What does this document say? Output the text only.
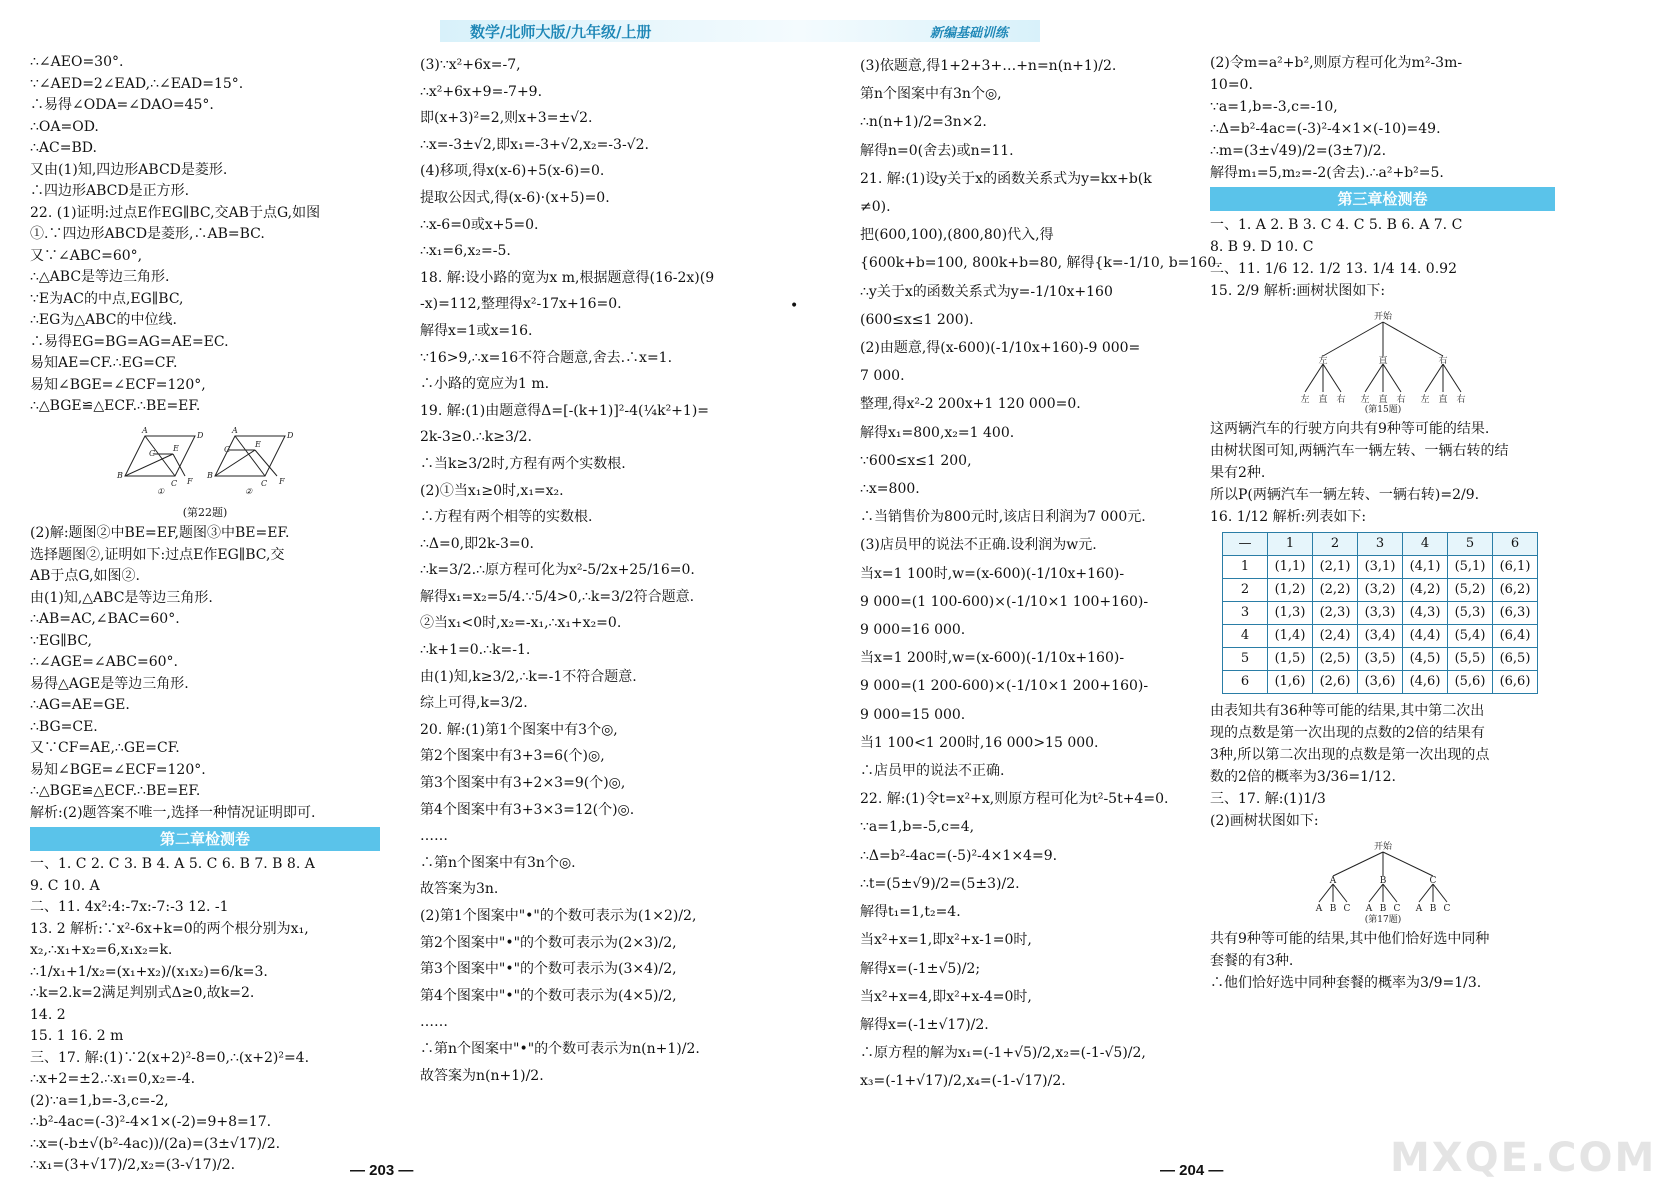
数学/北师大版/九年级/上册	新编基础训练

∴∠AEO=30°.

∵∠AED=2∠EAD,∴∠EAD=15°.

∴易得∠ODA=∠DAO=45°.

∴OA=OD.

∴AC=BD.

又由(1)知,四边形ABCD是菱形.

∴四边形ABCD是正方形.

22. (1)证明:过点E作EG∥BC,交AB于点G,如图

①.∵四边形ABCD是菱形,∴AB=BC.

又∵∠ABC=60°,

∴△ABC是等边三角形.

∵E为AC的中点,EG∥BC,

∴EG为△ABC的中位线.

∴易得EG=BG=AG=AE=EC.

易知AE=CF.∴EG=CF.

易知∠BGE=∠ECF=120°,

∴△BGE≌△ECF.∴BE=EF.

A
G
E
B
C F
D
①
A
G
E
B
C F
D
②
(第22题)

(2)解:题图②中BE=EF,题图③中BE=EF.

选择题图②,证明如下:过点E作EG∥BC,交

AB于点G,如图②.

由(1)知,△ABC是等边三角形.

∴AB=AC,∠BAC=60°.

∵EG∥BC,

∴∠AGE=∠ABC=60°.

易得△AGE是等边三角形.

∴AG=AE=GE.

∴BG=CE.

又∵CF=AE,∴GE=CF.

易知∠BGE=∠ECF=120°.

∴△BGE≌△ECF.∴BE=EF.

解析:(2)题答案不唯一,选择一种情况证明即可.

第二章检测卷

一、1. C 2. C 3. B 4. A 5. C 6. B 7. B 8. A

9. C 10. A

二、11. 4x²:4:-7x:-7:-3 12. -1

13. 2 解析:∵x²-6x+k=0的两个根分别为x₁,

x₂,∴x₁+x₂=6,x₁x₂=k.

∴1/x₁+1/x₂=(x₁+x₂)/(x₁x₂)=6/k=3.

∴k=2.k=2满足判别式Δ≥0,故k=2.

14. 2

15. 1 16. 2 m

三、17. 解:(1)∵2(x+2)²-8=0,∴(x+2)²=4.

∴x+2=±2.∴x₁=0,x₂=-4.

(2)∵a=1,b=-3,c=-2,

∴b²-4ac=(-3)²-4×1×(-2)=9+8=17.

∴x=(-b±√(b²-4ac))/(2a)=(3±√17)/2.

∴x₁=(3+√17)/2,x₂=(3-√17)/2.

(3)∵x²+6x=-7,

∴x²+6x+9=-7+9.

即(x+3)²=2,则x+3=±√2.

∴x=-3±√2,即x₁=-3+√2,x₂=-3-√2.

(4)移项,得x(x-6)+5(x-6)=0.

提取公因式,得(x-6)·(x+5)=0.

∴x-6=0或x+5=0.

∴x₁=6,x₂=-5.

18. 解:设小路的宽为x m,根据题意得(16-2x)(9

-x)=112,整理得x²-17x+16=0.

解得x=1或x=16.

∵16>9,∴x=16不符合题意,舍去.∴x=1.

∴小路的宽应为1 m.

19. 解:(1)由题意得Δ=[-(k+1)]²-4(¼k²+1)=

2k-3≥0.∴k≥3/2.

∴当k≥3/2时,方程有两个实数根.

(2)①当x₁≥0时,x₁=x₂.

∴方程有两个相等的实数根.

∴Δ=0,即2k-3=0.

∴k=3/2.∴原方程可化为x²-5/2x+25/16=0.

解得x₁=x₂=5/4.∵5/4>0,∴k=3/2符合题意.

②当x₁<0时,x₂=-x₁,∴x₁+x₂=0.

∴k+1=0.∴k=-1.

由(1)知,k≥3/2,∴k=-1不符合题意.

综上可得,k=3/2.

20. 解:(1)第1个图案中有3个◎,

第2个图案中有3+3=6(个)◎,

第3个图案中有3+2×3=9(个)◎,

第4个图案中有3+3×3=12(个)◎.

……

∴第n个图案中有3n个◎.

故答案为3n.

(2)第1个图案中"•"的个数可表示为(1×2)/2,

第2个图案中"•"的个数可表示为(2×3)/2,

第3个图案中"•"的个数可表示为(3×4)/2,

第4个图案中"•"的个数可表示为(4×5)/2,

……

∴第n个图案中"•"的个数可表示为n(n+1)/2.

故答案为n(n+1)/2.

•

(3)依题意,得1+2+3+…+n=n(n+1)/2.

第n个图案中有3n个◎,

∴n(n+1)/2=3n×2.

解得n=0(舍去)或n=11.

21. 解:(1)设y关于x的函数关系式为y=kx+b(k

≠0).

把(600,100),(800,80)代入,得

{600k+b=100, 800k+b=80, 解得{k=-1/10, b=160.

∴y关于x的函数关系式为y=-1/10x+160

(600≤x≤1 200).

(2)由题意,得(x-600)(-1/10x+160)-9 000=

7 000.

整理,得x²-2 200x+1 120 000=0.

解得x₁=800,x₂=1 400.

∵600≤x≤1 200,

∴x=800.

∴当销售价为800元时,该店日利润为7 000元.

(3)店员甲的说法不正确.设利润为w元.

当x=1 100时,w=(x-600)(-1/10x+160)-

9 000=(1 100-600)×(-1/10×1 100+160)-

9 000=16 000.

当x=1 200时,w=(x-600)(-1/10x+160)-

9 000=(1 200-600)×(-1/10×1 200+160)-

9 000=15 000.

当1 100<1 200时,16 000>15 000.

∴店员甲的说法不正确.

22. 解:(1)令t=x²+x,则原方程可化为t²-5t+4=0.

∵a=1,b=-5,c=4,

∴Δ=b²-4ac=(-5)²-4×1×4=9.

∴t=(5±√9)/2=(5±3)/2.

解得t₁=1,t₂=4.

当x²+x=1,即x²+x-1=0时,

解得x=(-1±√5)/2;

当x²+x=4,即x²+x-4=0时,

解得x=(-1±√17)/2.

∴原方程的解为x₁=(-1+√5)/2,x₂=(-1-√5)/2,

x₃=(-1+√17)/2,x₄=(-1-√17)/2.

(2)令m=a²+b²,则原方程可化为m²-3m-

10=0.

∵a=1,b=-3,c=-10,

∴Δ=b²-4ac=(-3)²-4×1×(-10)=49.

∴m=(3±√49)/2=(3±7)/2.

解得m₁=5,m₂=-2(舍去).∴a²+b²=5.

第三章检测卷

一、1. A 2. B 3. C 4. C 5. B 6. A 7. C

8. B 9. D 10. C

二、11. 1/6 12. 1/2 13. 1/4 14. 0.92

15. 2/9 解析:画树状图如下:

开始
左	直	右
左 直 右 左 直 右 左 直 右
(第15题)

这两辆汽车的行驶方向共有9种等可能的结果.

由树状图可知,两辆汽车一辆左转、一辆右转的结

果有2种.

所以P(两辆汽车一辆左转、一辆右转)=2/9.

16. 1/12 解析:列表如下:

—	1	2	3	4	5	6
1	(1,1)	(2,1)	(3,1)	(4,1)	(5,1)	(6,1)
2	(1,2)	(2,2)	(3,2)	(4,2)	(5,2)	(6,2)
3	(1,3)	(2,3)	(3,3)	(4,3)	(5,3)	(6,3)
4	(1,4)	(2,4)	(3,4)	(4,4)	(5,4)	(6,4)
5	(1,5)	(2,5)	(3,5)	(4,5)	(5,5)	(6,5)
6	(1,6)	(2,6)	(3,6)	(4,6)	(5,6)	(6,6)

由表知共有36种等可能的结果,其中第二次出

现的点数是第一次出现的点数的2倍的结果有

3种,所以第二次出现的点数是第一次出现的点

数的2倍的概率为3/36=1/12.

三、17. 解:(1)1/3

(2)画树状图如下:

开始
A	B	C
A B C A B C A B C
(第17题)

共有9种等可能的结果,其中他们恰好选中同种

套餐的有3种.

∴他们恰好选中同种套餐的概率为3/9=1/3.

— 203 —	— 204 —	MXQE.COM
